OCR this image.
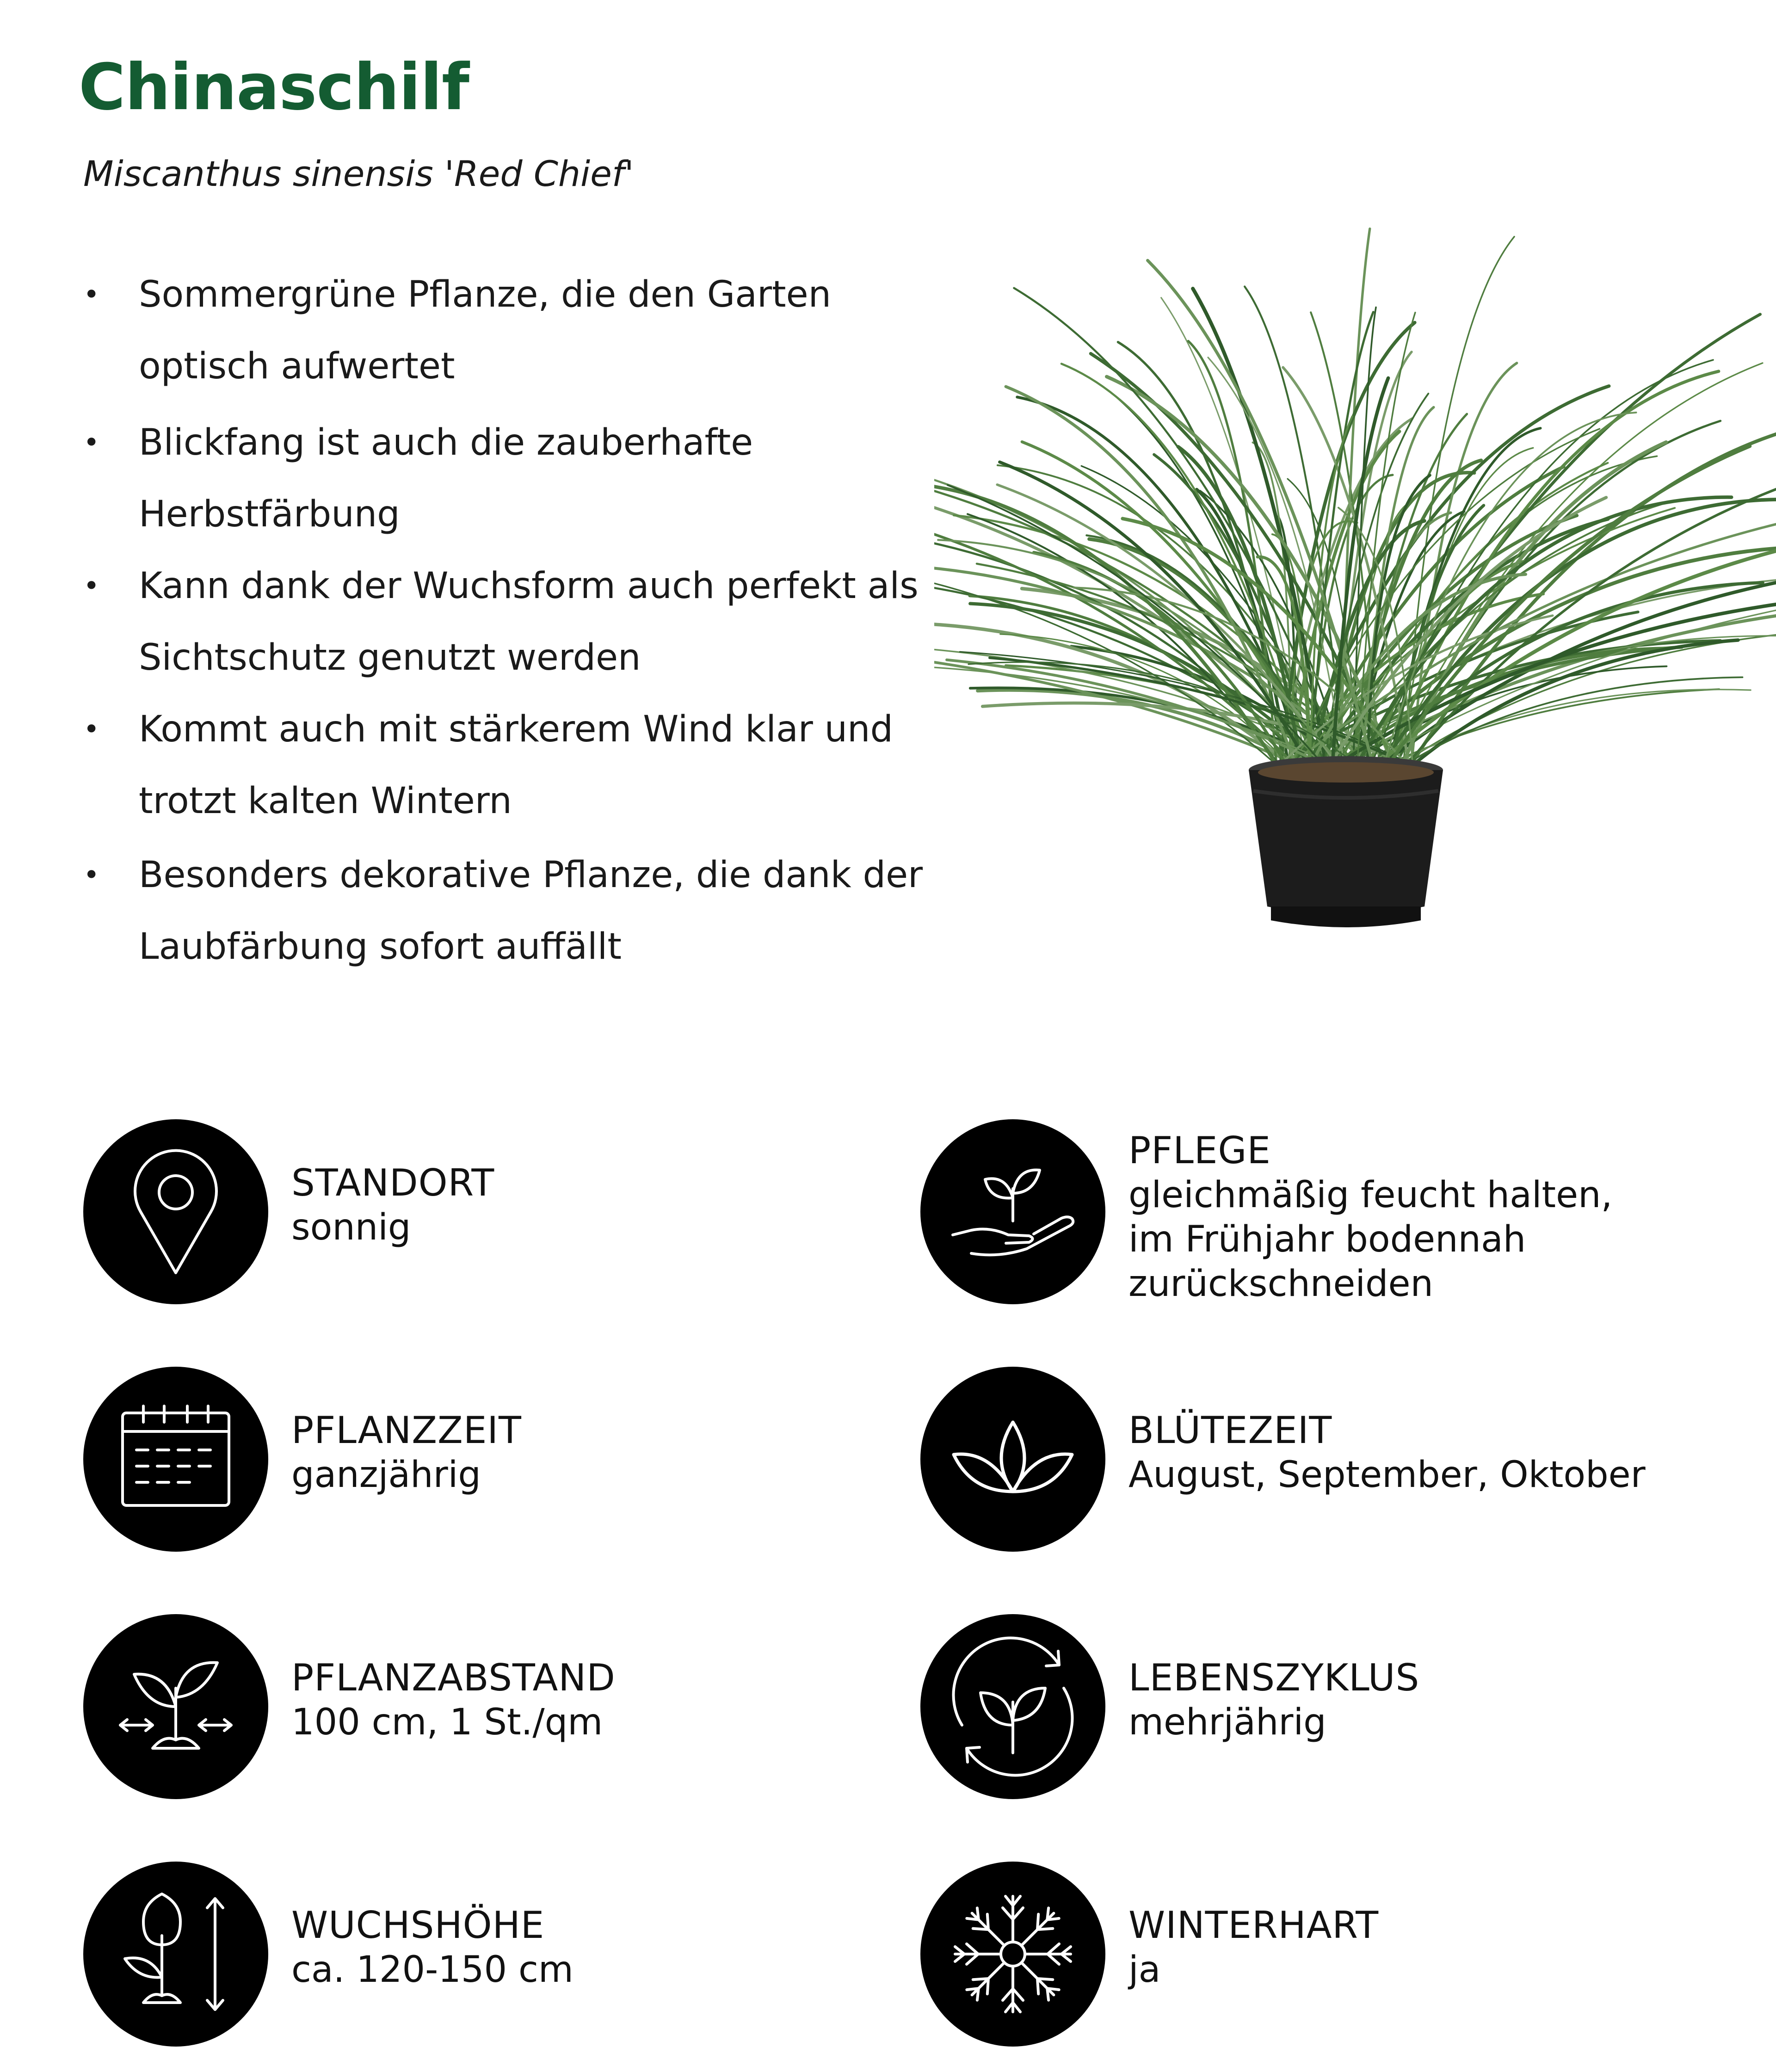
Chinaschilf
Miscanthus sinensis 'Red Chief'
• Sommergrüne Pflanze, die den Garten
optisch aufwertet
• Blickfang ist auch die zauberhafte
Herbstfärbung
• Kann dank der Wuchsform auch perfekt als
Sichtschutz genutzt werden
• Kommt auch mit stärkerem Wind klar und
trotzt kalten Wintern
• Besonders dekorative Pflanze, die dank der
Laubfärbung sofort auffällt
STANDORT
sonnig
PFLEGE
gleichmäßig feucht halten,
im Frühjahr bodennah
zurückschneiden
PFLANZZEIT
ganzjährig
BLÜTEZEIT
August, September, Oktober
PFLANZABSTAND
100 cm, 1 St./qm
LEBENSZYKLUS
mehrjährig
WUCHSHÖHE
ca. 120-150 cm
WINTERHART
ja
